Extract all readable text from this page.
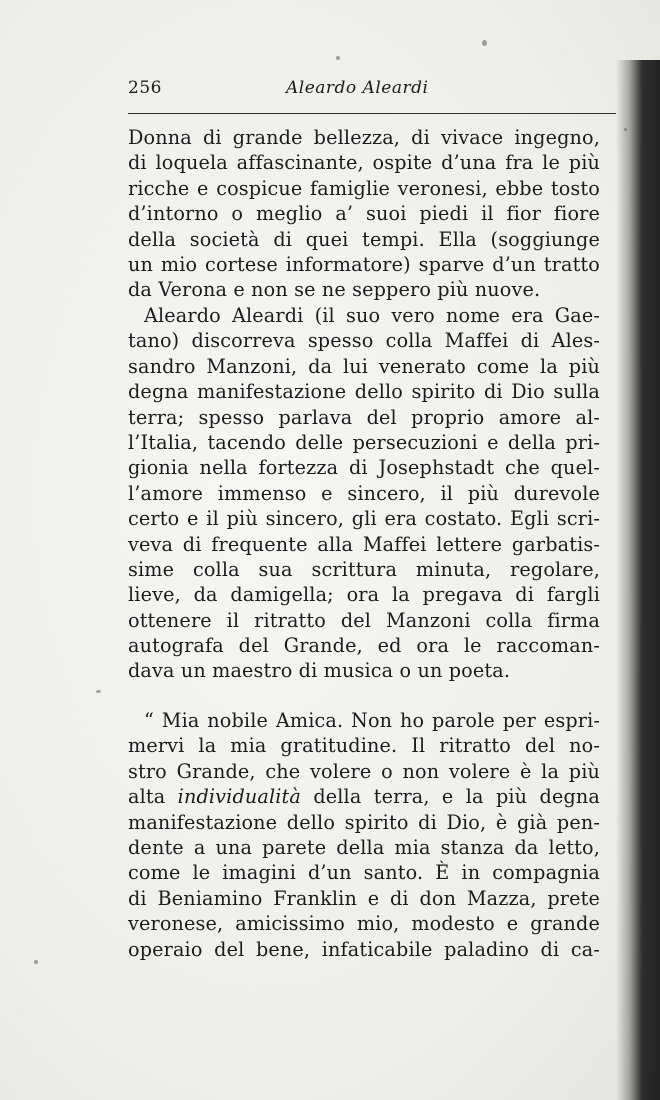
256	Aleardo Aleardi
Donna di grande bellezza, di vivace ingegno,
di loquela affascinante, ospite d’una fra le più
ricche e cospicue famiglie veronesi, ebbe tosto
d’intorno o meglio a’ suoi piedi il fior fiore
della società di quei tempi. Ella (soggiunge
un mio cortese informatore) sparve d’un tratto
da Verona e non se ne seppero più nuove.
Aleardo Aleardi (il suo vero nome era Gae-
tano) discorreva spesso colla Maffei di Ales-
sandro Manzoni, da lui venerato come la più
degna manifestazione dello spirito di Dio sulla
terra; spesso parlava del proprio amore al-
l’Italia, tacendo delle persecuzioni e della pri-
gionia nella fortezza di Josephstadt che quel-
l’amore immenso e sincero, il più durevole
certo e il più sincero, gli era costato. Egli scri-
veva di frequente alla Maffei lettere garbatis-
sime colla sua scrittura minuta, regolare,
lieve, da damigella; ora la pregava di fargli
ottenere il ritratto del Manzoni colla firma
autografa del Grande, ed ora le raccoman-
dava un maestro di musica o un poeta.
“ Mia nobile Amica. Non ho parole per espri-
mervi la mia gratitudine. Il ritratto del no-
stro Grande, che volere o non volere è la più
alta individualità della terra, e la più degna
manifestazione dello spirito di Dio, è già pen-
dente a una parete della mia stanza da letto,
come le imagini d’un santo. È in compagnia
di Beniamino Franklin e di don Mazza, prete
veronese, amicissimo mio, modesto e grande
operaio del bene, infaticabile paladino di ca-
